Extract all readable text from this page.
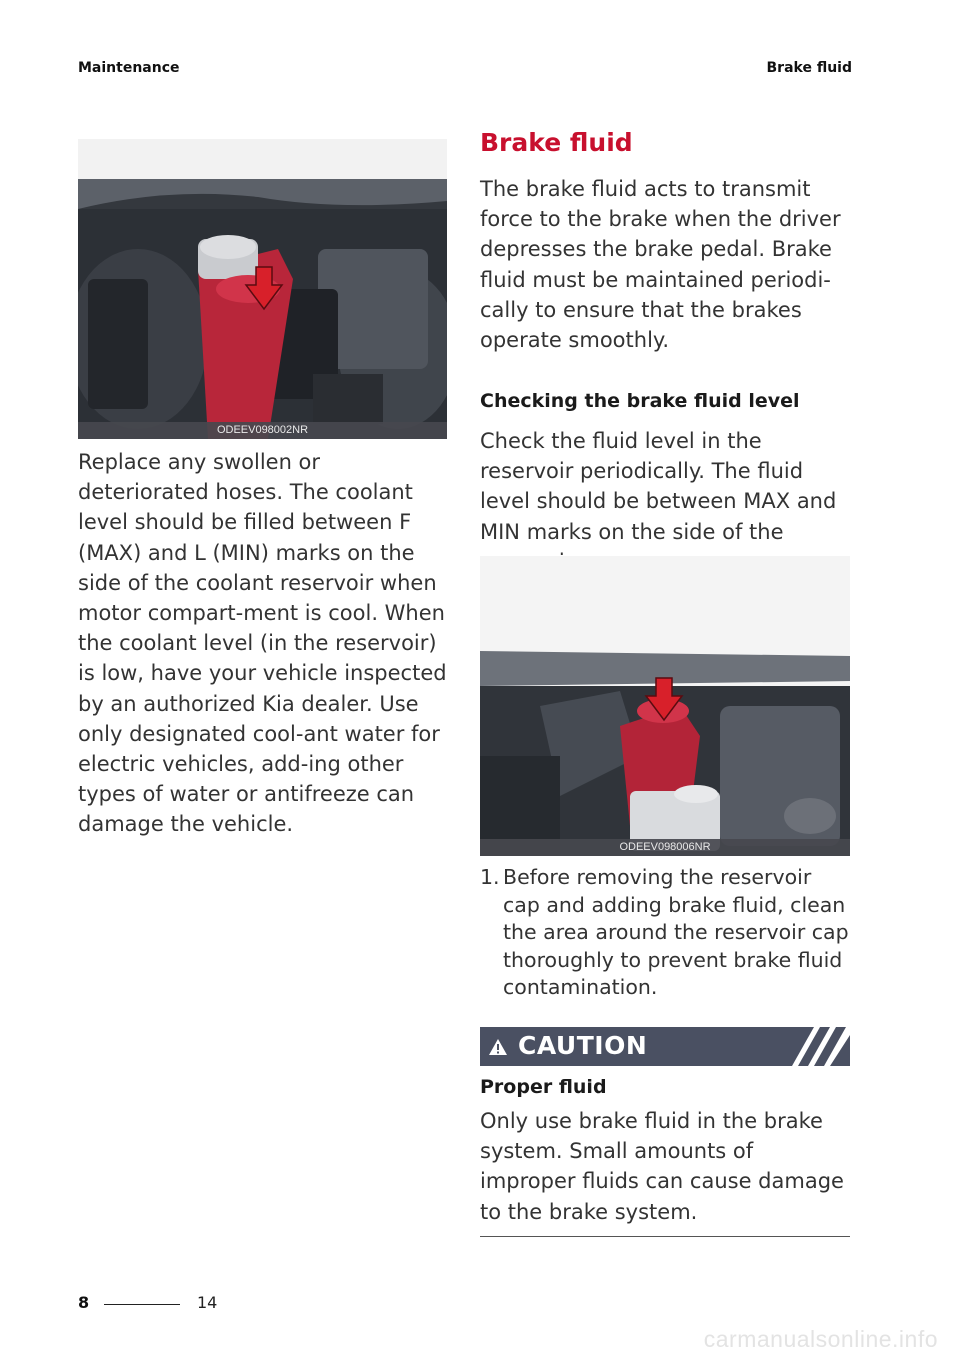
Maintenance	Brake fluid
ODEEV098002NR

Replace any swollen or deteriorated hoses. The coolant level should be filled between F (MAX) and L (MIN) marks on the side of the coolant reservoir when motor compart-ment is cool. When the coolant level (in the reservoir) is low, have your vehicle inspected by an authorized Kia dealer. Use only designated cool-ant water for electric vehicles, add-ing other types of water or antifreeze can damage the vehicle.

Brake fluid

The brake fluid acts to transmit force to the brake when the driver depresses the brake pedal. Brake fluid must be maintained periodi-cally to ensure that the brakes operate smoothly.

Checking the brake fluid level

Check the fluid level in the reservoir periodically. The fluid level should be between MAX and MIN marks on the side of the

ODEEV098006NR
1. Before removing the reservoir cap and adding brake fluid, clean the area around the reservoir cap thoroughly to prevent brake fluid contamination.
CAUTION
Proper fluid

Only use brake fluid in the brake system. Small amounts of improper fluids can cause damage to the brake system.

8	14
carmanualsonline.info
